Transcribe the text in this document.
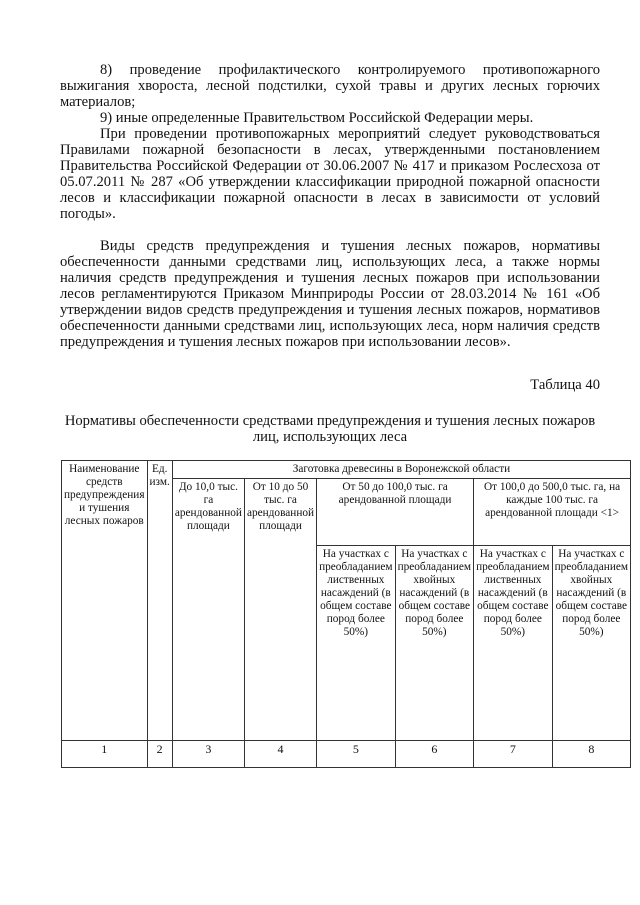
8) проведение профилактического контролируемого противопожарного выжигания хвороста, лесной подстилки, сухой травы и других лесных горючих материалов;

9) иные определенные Правительством Российской Федерации меры.

При проведении противопожарных мероприятий следует руководствоваться Правилами пожарной безопасности в лесах, утвержденными постановлением Правительства Российской Федерации от 30.06.2007 № 417 и приказом Рослесхоза от 05.07.2011 № 287 «Об утверждении классификации природной пожарной опасности лесов и классификации пожарной опасности в лесах в зависимости от условий погоды».

Виды средств предупреждения и тушения лесных пожаров, нормативы обеспеченности данными средствами лиц, использующих леса, а также нормы наличия средств предупреждения и тушения лесных пожаров при использовании лесов регламентируются Приказом Минприроды России от 28.03.2014 № 161 «Об утверждении видов средств предупреждения и тушения лесных пожаров, нормативов обеспеченности данными средствами лиц, использующих леса, норм наличия средств предупреждения и тушения лесных пожаров при использовании лесов».

Таблица 40

Нормативы обеспеченности средствами предупреждения и тушения лесных пожаров лиц, использующих леса

Наименование средств предупреждения и тушения лесных пожаров	Ед. изм.	Заготовка древесины в Воронежской области					
		До 10,0 тыс. га арендованной площади	От 10 до 50 тыс. га арендованной площади	От 50 до 100,0 тыс. га арендованной площади		От 100,0 до 500,0 тыс. га, на каждые 100 тыс. га арендованной площади <1>	
				На участках с преобладанием лиственных насаждений (в общем составе пород более 50%)	На участках с преобладанием хвойных насаждений (в общем составе пород более 50%)	На участках с преобладанием лиственных насаждений (в общем составе пород более 50%)	На участках с преобладанием хвойных насаждений (в общем составе пород более 50%)
1	2	3	4	5	6	7	8
